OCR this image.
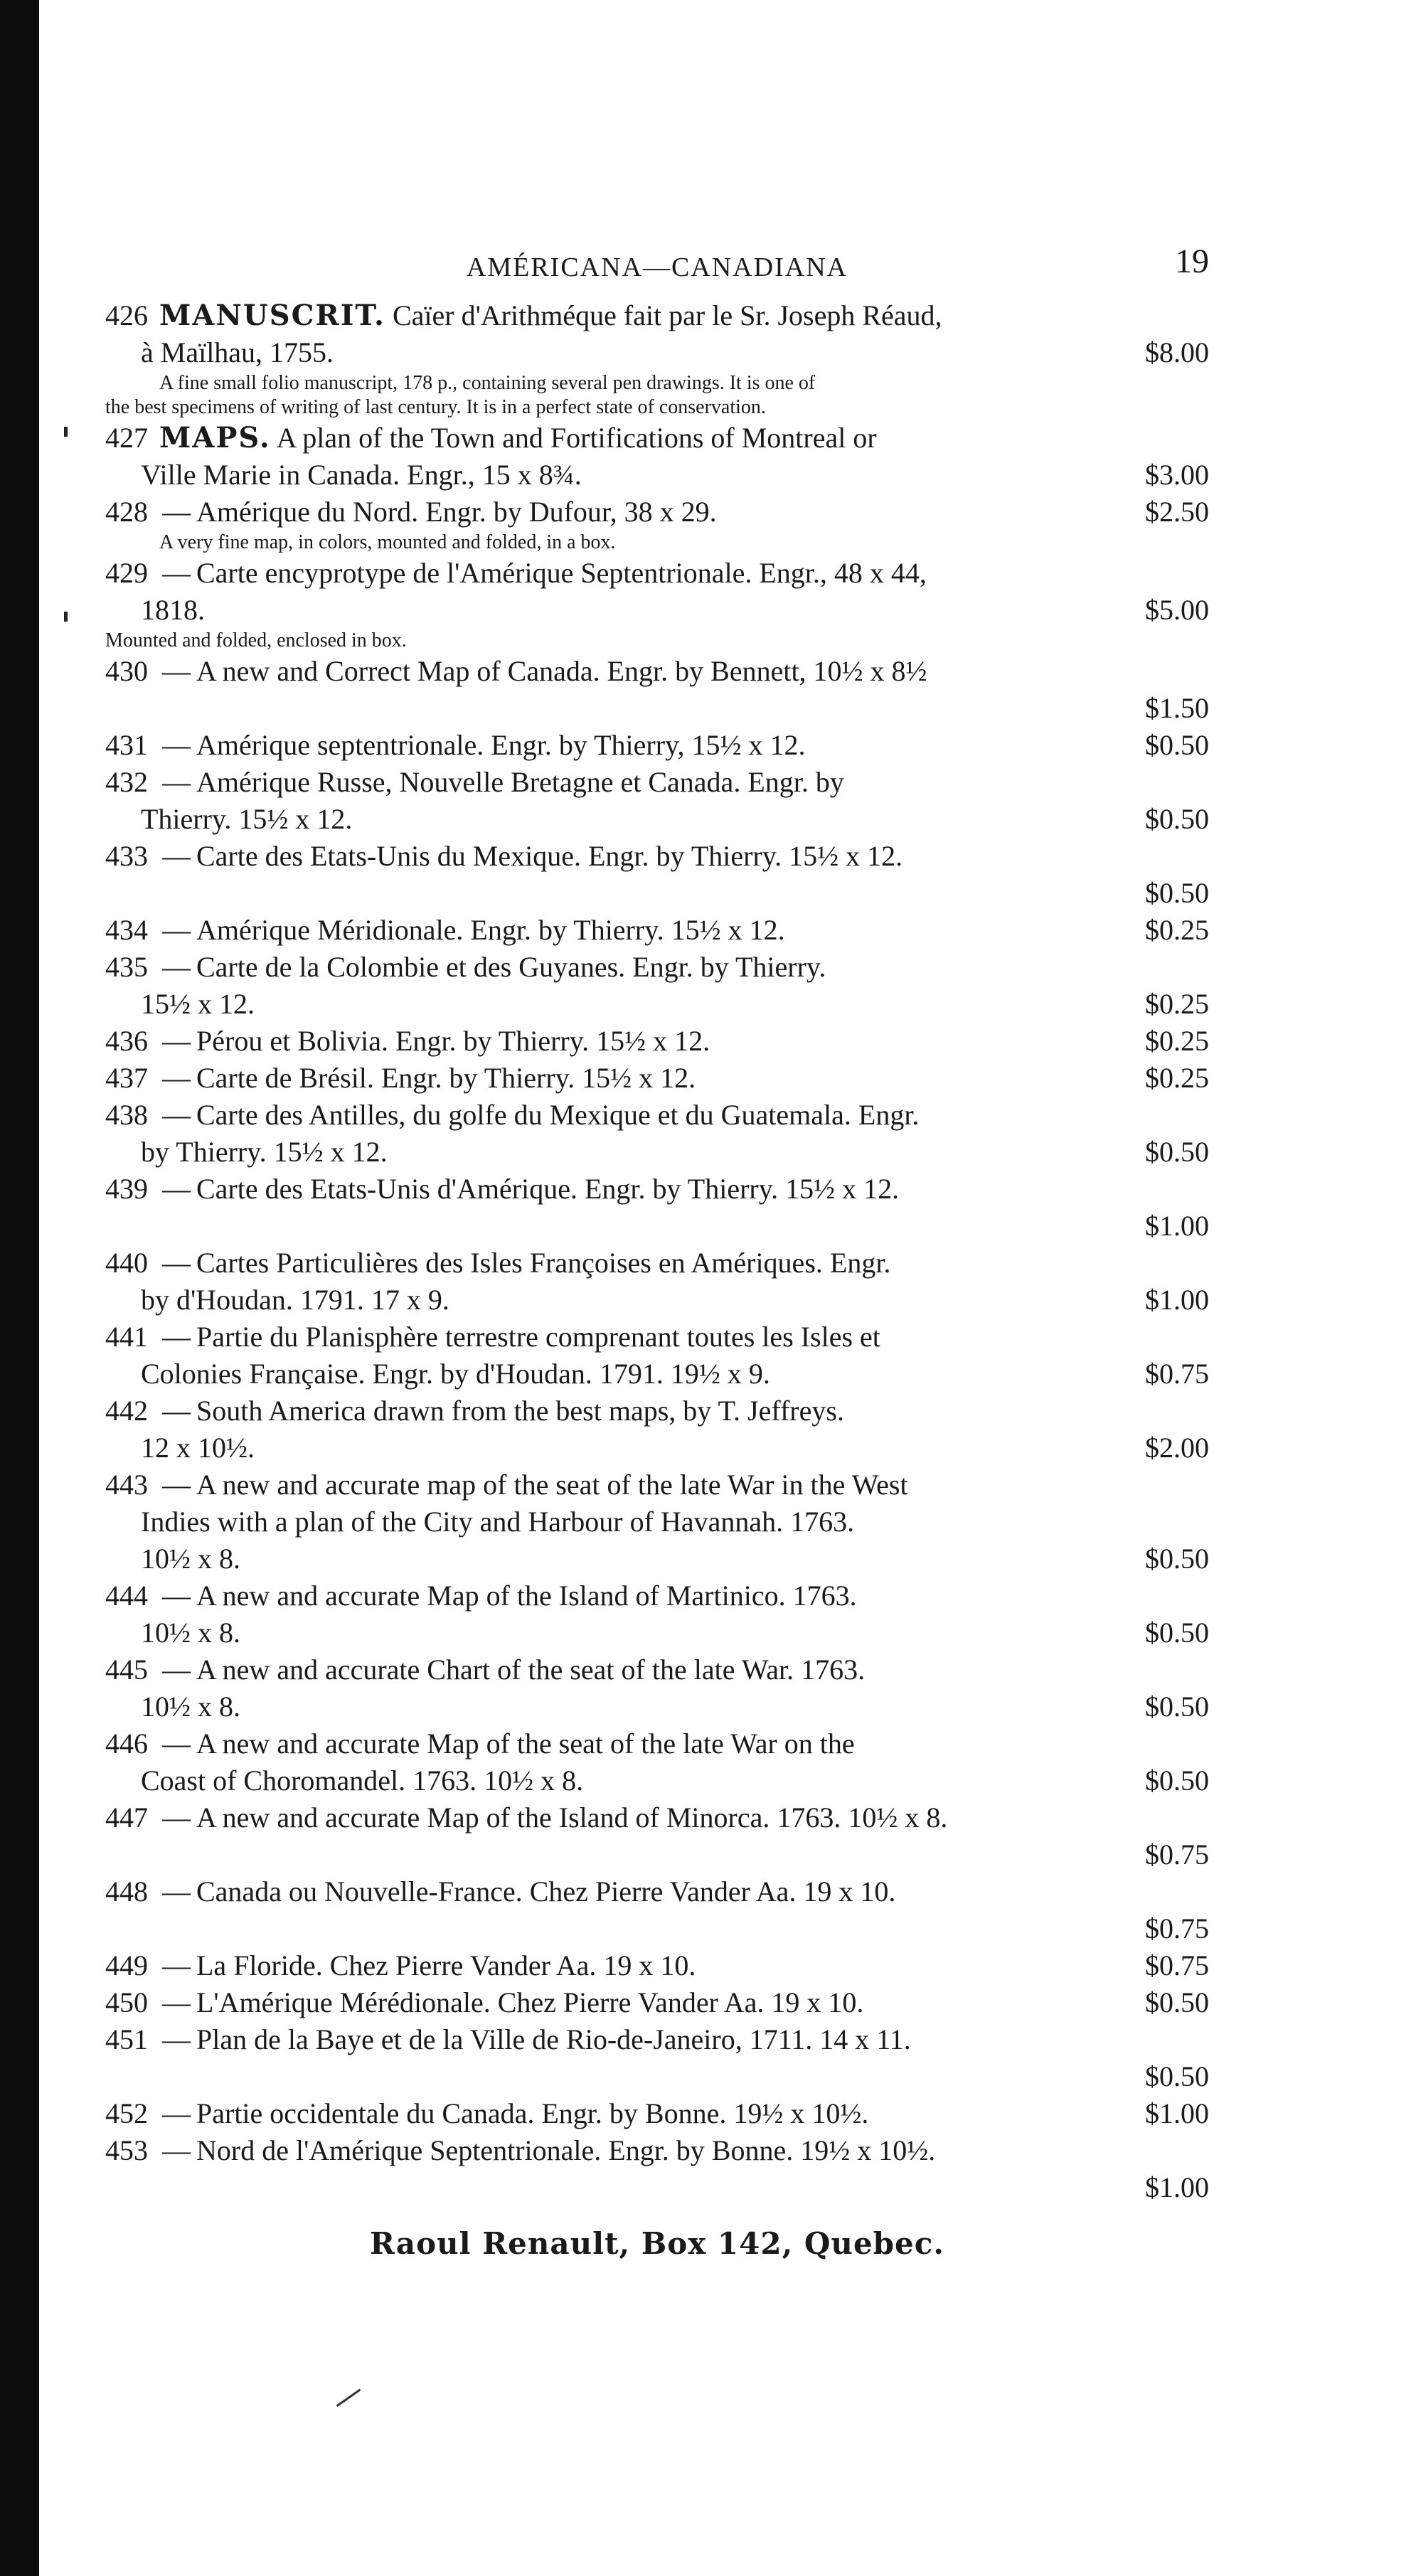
AMÉRICANA—CANADIANA	19
426 MANUSCRIT. Caïer d'Arithméque fait par le Sr. Joseph Réaud,
à Maïlhau, 1755.	$8.00

A fine small folio manuscript, 178 p., containing several pen drawings. It is one of

the best specimens of writing of last century. It is in a perfect state of conservation.

427 MAPS. A plan of the Town and Fortifications of Montreal or
Ville Marie in Canada. Engr., 15 x 8¾.	$3.00
428 — Amérique du Nord. Engr. by Dufour, 38 x 29.	$2.50

A very fine map, in colors, mounted and folded, in a box.

429 — Carte encyprotype de l'Amérique Septentrionale. Engr., 48 x 44,
1818.	$5.00

Mounted and folded, enclosed in box.

430 — A new and Correct Map of Canada. Engr. by Bennett, 10½ x 8½
$1.50
431 — Amérique septentrionale. Engr. by Thierry, 15½ x 12.	$0.50
432 — Amérique Russe, Nouvelle Bretagne et Canada. Engr. by
Thierry. 15½ x 12.	$0.50
433 — Carte des Etats-Unis du Mexique. Engr. by Thierry. 15½ x 12.
$0.50
434 — Amérique Méridionale. Engr. by Thierry. 15½ x 12.	$0.25
435 — Carte de la Colombie et des Guyanes. Engr. by Thierry.
15½ x 12.	$0.25
436 — Pérou et Bolivia. Engr. by Thierry. 15½ x 12.	$0.25
437 — Carte de Brésil. Engr. by Thierry. 15½ x 12.	$0.25
438 — Carte des Antilles, du golfe du Mexique et du Guatemala. Engr.
by Thierry. 15½ x 12.	$0.50
439 — Carte des Etats-Unis d'Amérique. Engr. by Thierry. 15½ x 12.
$1.00
440 — Cartes Particulières des Isles Françoises en Amériques. Engr.
by d'Houdan. 1791. 17 x 9.	$1.00
441 — Partie du Planisphère terrestre comprenant toutes les Isles et
Colonies Française. Engr. by d'Houdan. 1791. 19½ x 9.	$0.75
442 — South America drawn from the best maps, by T. Jeffreys.
12 x 10½.	$2.00
443 — A new and accurate map of the seat of the late War in the West
Indies with a plan of the City and Harbour of Havannah. 1763.
10½ x 8.	$0.50
444 — A new and accurate Map of the Island of Martinico. 1763.
10½ x 8.	$0.50
445 — A new and accurate Chart of the seat of the late War. 1763.
10½ x 8.	$0.50
446 — A new and accurate Map of the seat of the late War on the
Coast of Choromandel. 1763. 10½ x 8.	$0.50
447 — A new and accurate Map of the Island of Minorca. 1763. 10½ x 8.
$0.75
448 — Canada ou Nouvelle-France. Chez Pierre Vander Aa. 19 x 10.
$0.75
449 — La Floride. Chez Pierre Vander Aa. 19 x 10.	$0.75
450 — L'Amérique Mérédionale. Chez Pierre Vander Aa. 19 x 10.	$0.50
451 — Plan de la Baye et de la Ville de Rio-de-Janeiro, 1711. 14 x 11.
$0.50
452 — Partie occidentale du Canada. Engr. by Bonne. 19½ x 10½.	$1.00
453 — Nord de l'Amérique Septentrionale. Engr. by Bonne. 19½ x 10½.
$1.00
Raoul Renault, Box 142, Quebec.
